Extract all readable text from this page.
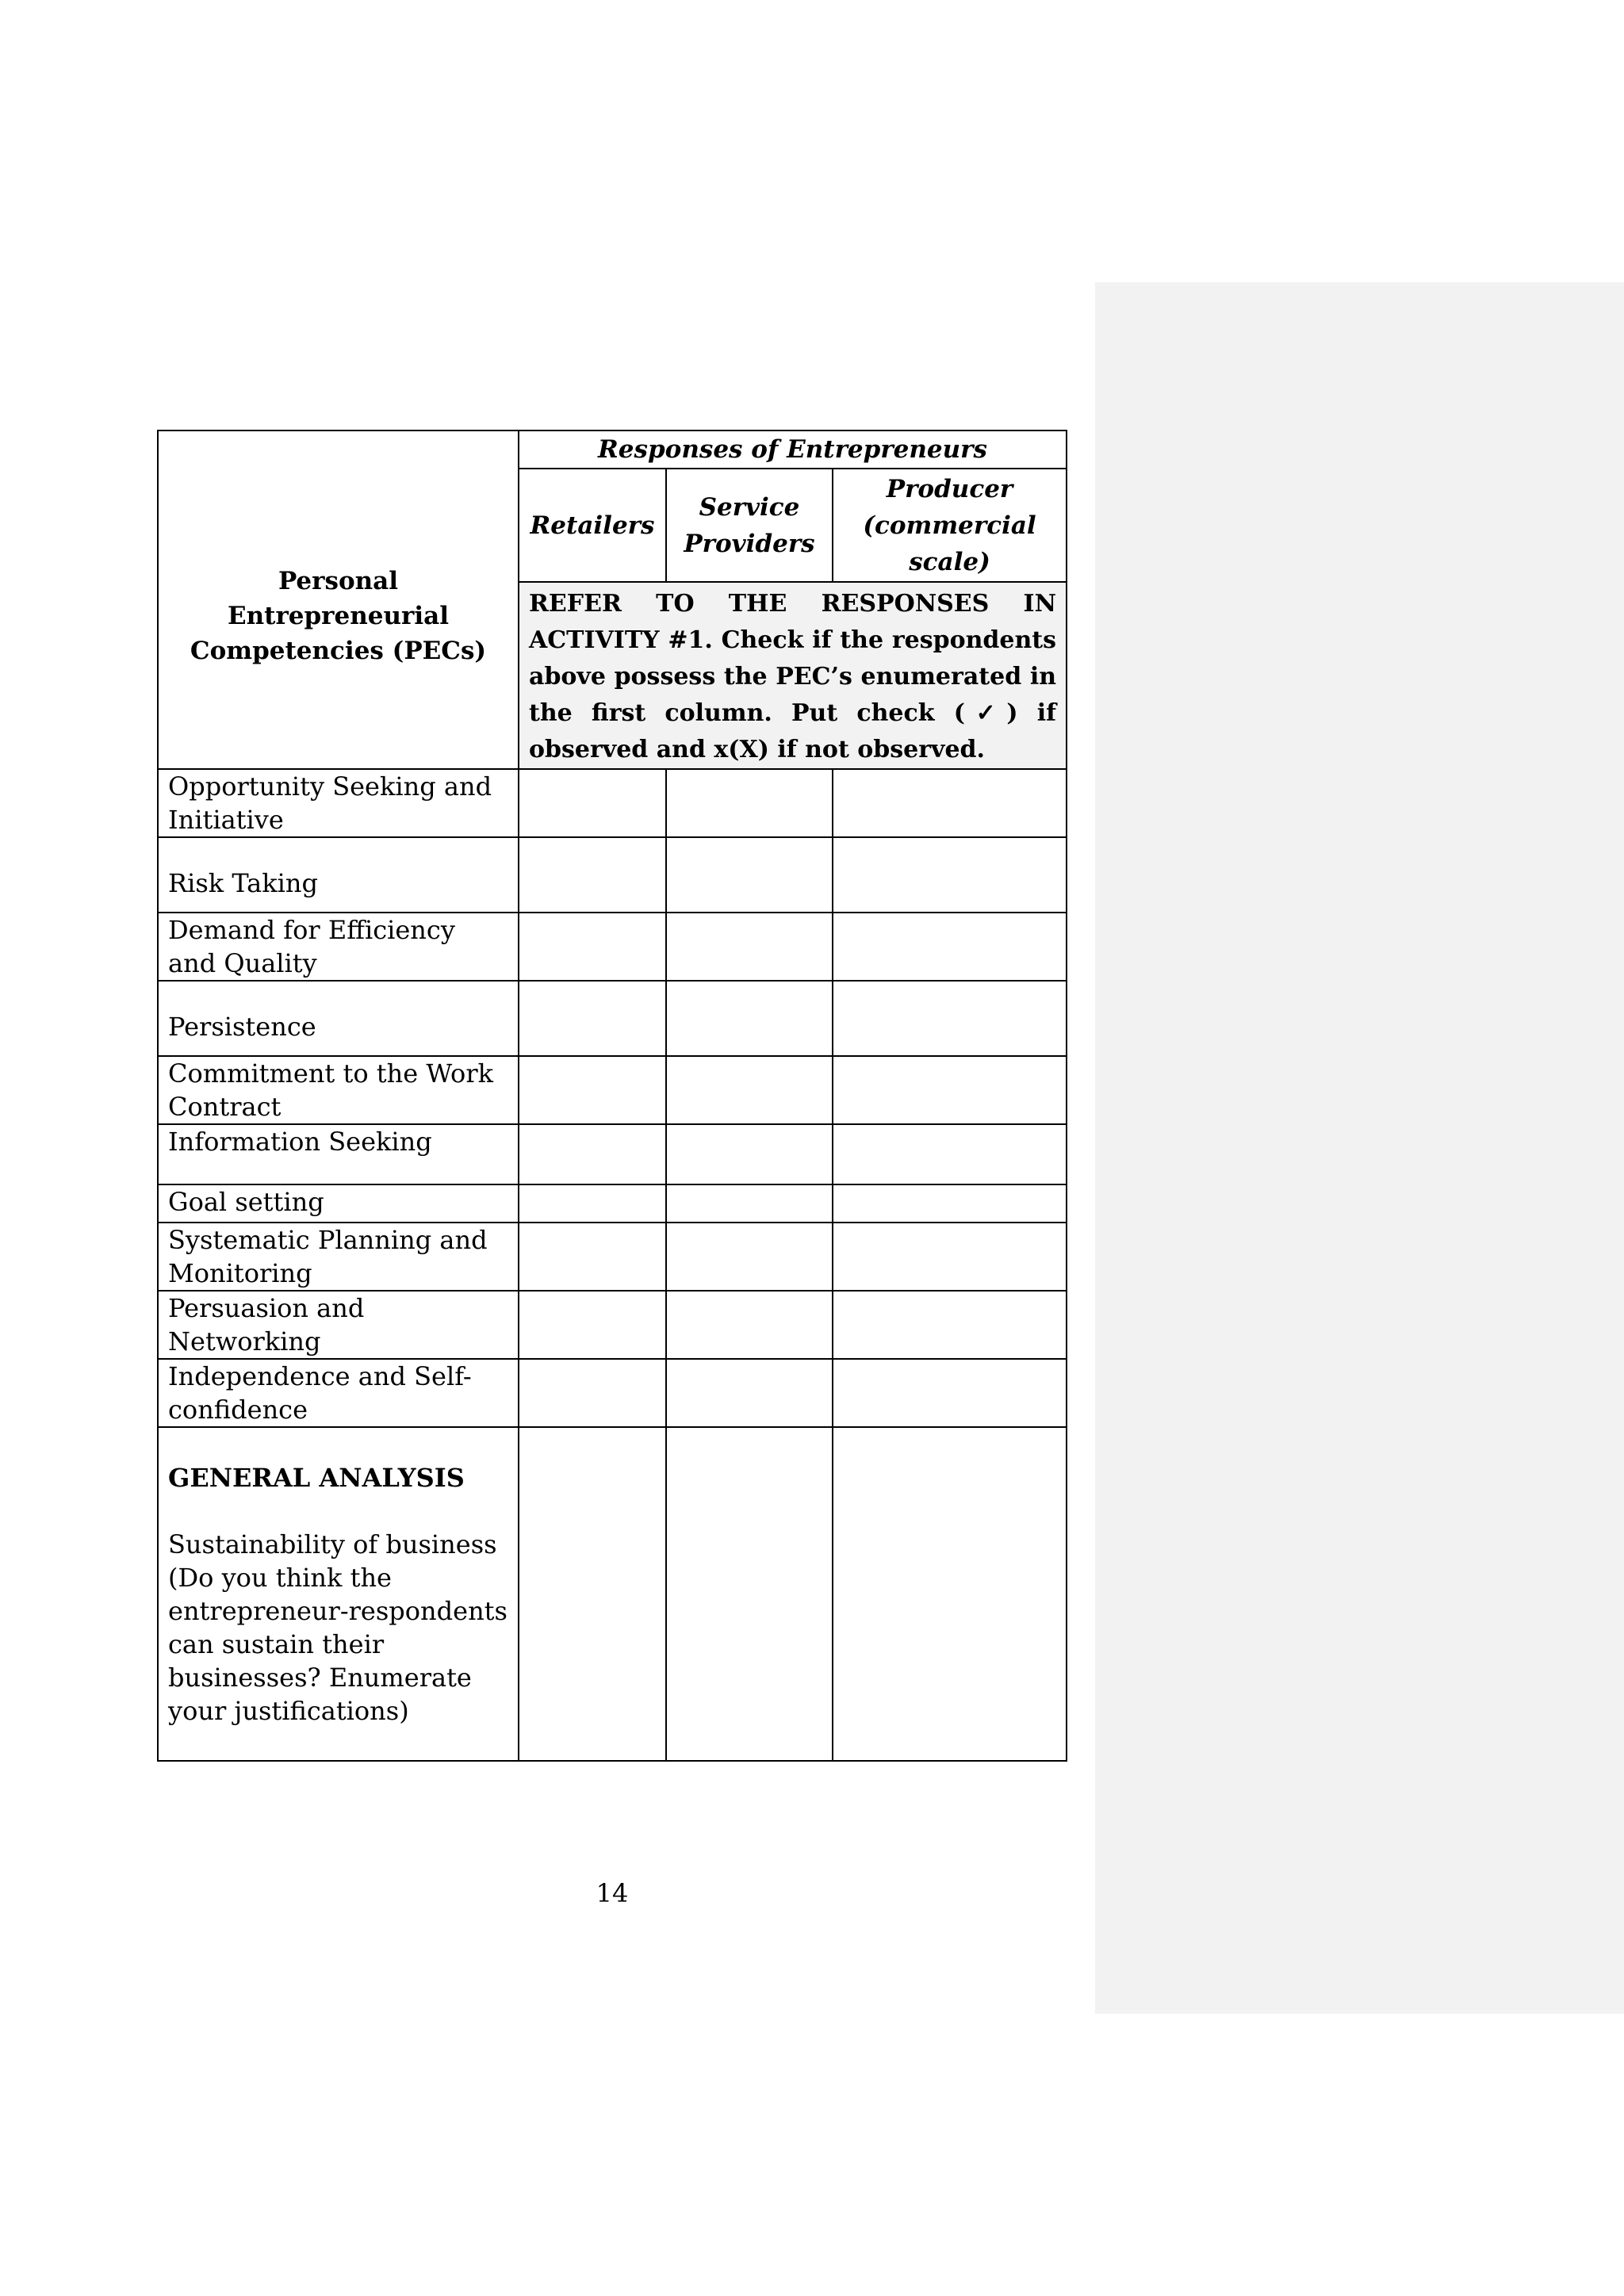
Personal Entrepreneurial Competencies (PECs)	Responses of Entrepreneurs		
	Retailers	Service Providers	Producer (commercial scale)
	REFER TO THE RESPONSES IN ACTIVITY #1. Check if the respondents above possess the PEC’s enumerated in the first column. Put check (✓) if observed and x(X) if not observed.		
Opportunity Seeking and Initiative			
Risk Taking			
Demand for Efficiency and Quality			
Persistence			
Commitment to the Work Contract			
Information Seeking			
Goal setting			
Systematic Planning and Monitoring			
Persuasion and Networking			
Independence and Self-confidence			

GENERAL ANALYSIS
Sustainability of business (Do you think the entrepreneur-respondents can sustain their businesses? Enumerate your justifications)			

14
